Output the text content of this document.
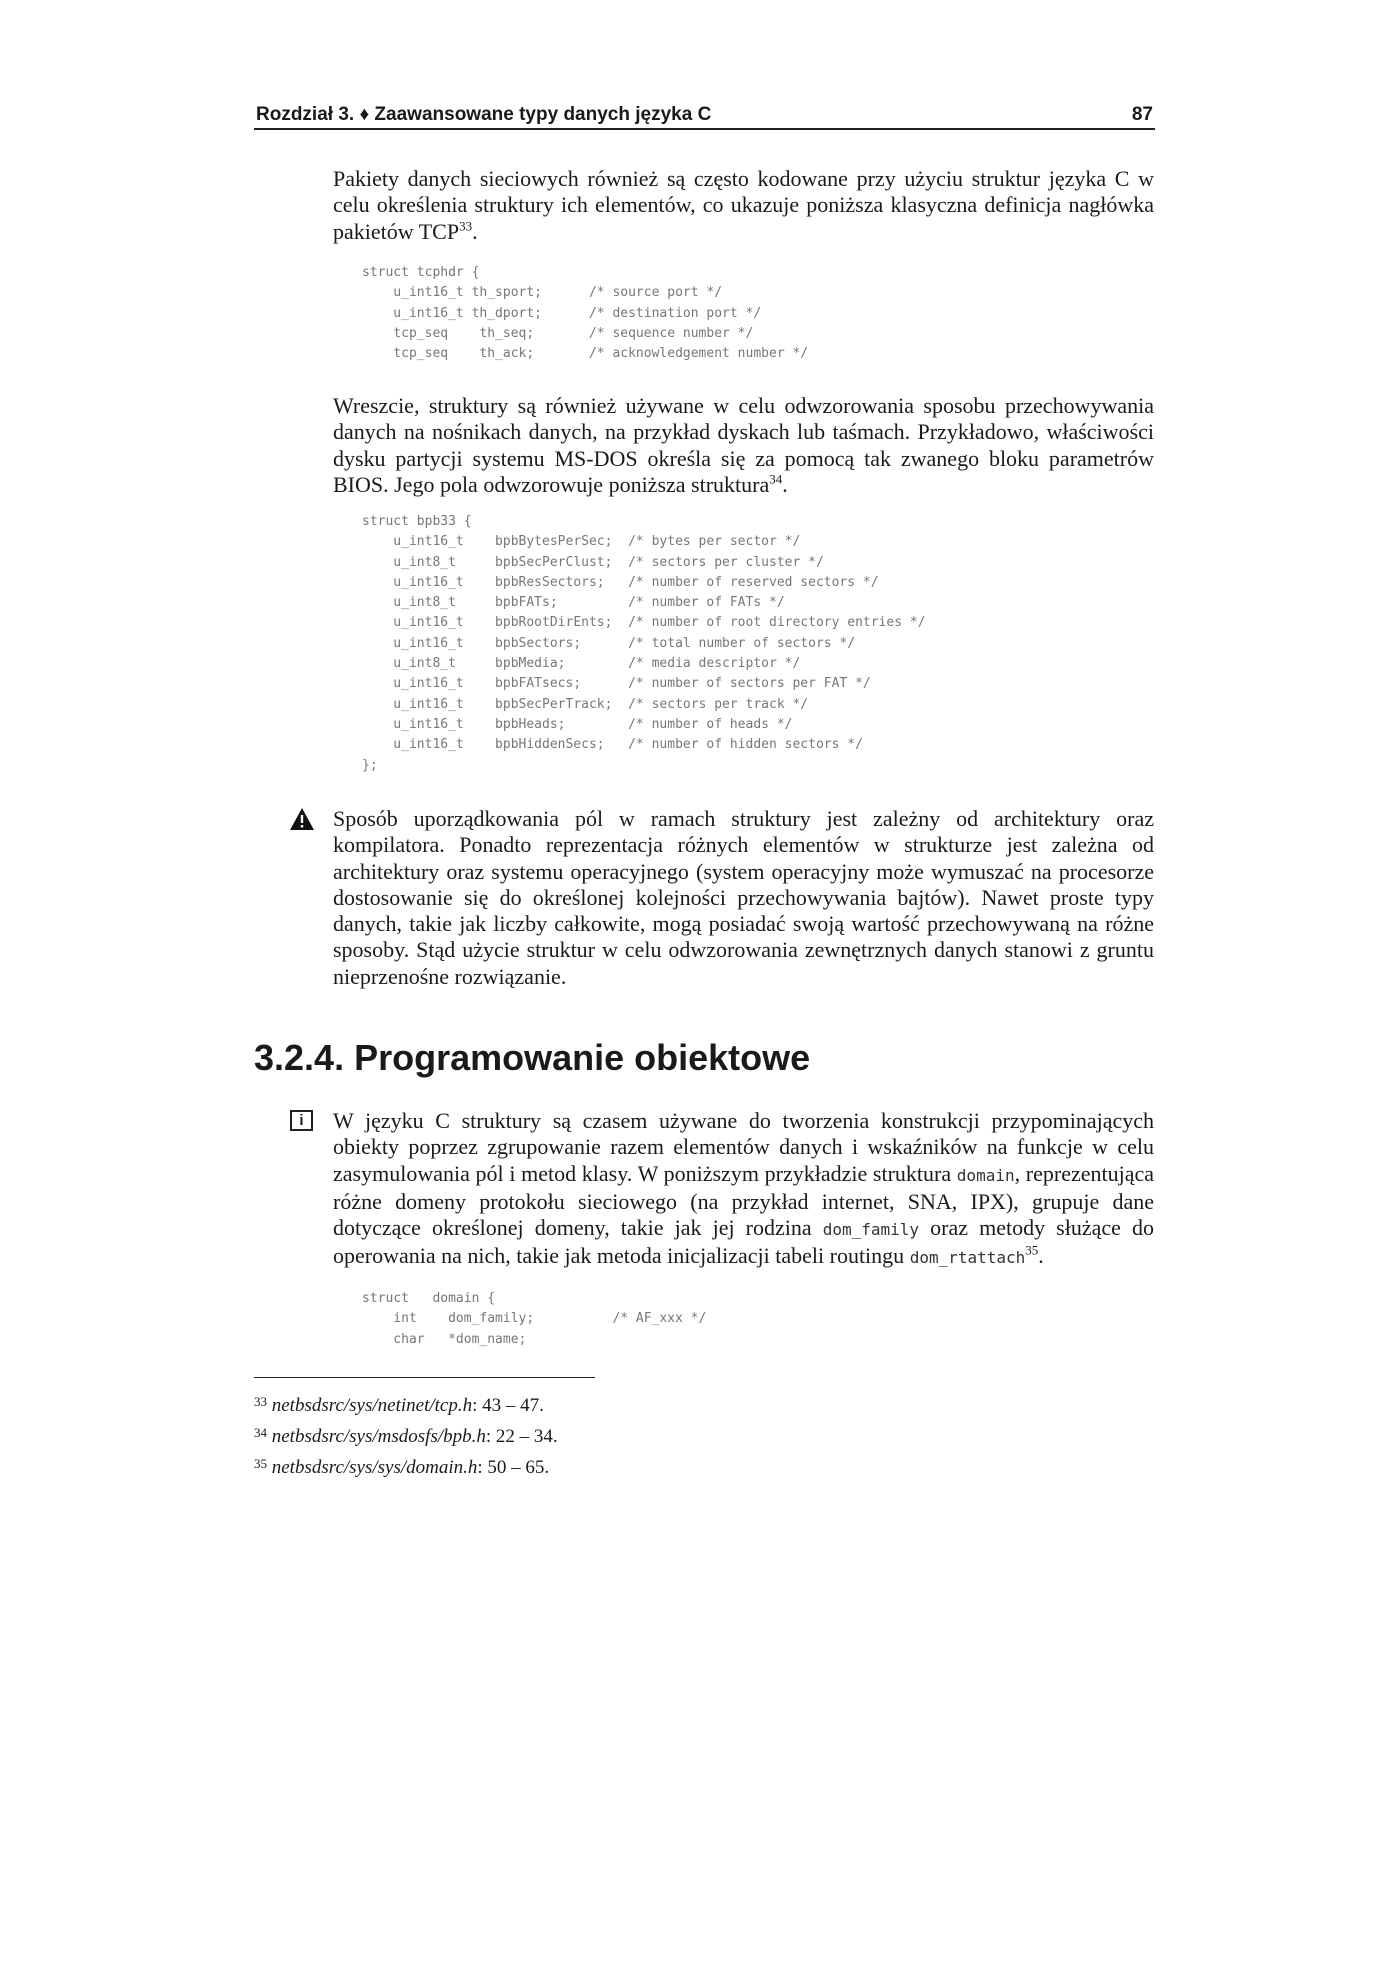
Rozdział 3. ♦ Zaawansowane typy danych języka C	87

Pakiety danych sieciowych również są często kodowane przy użyciu struktur języka C w celu określenia struktury ich elementów, co ukazuje poniższa klasyczna definicja nagłówka pakietów TCP$^{33}$.

struct tcphdr {
u_int16_t th_sport;      /* source port */
u_int16_t th_dport;      /* destination port */
tcp_seq    th_seq;       /* sequence number */
tcp_seq    th_ack;       /* acknowledgement number */

Wreszcie, struktury są również używane w celu odwzorowania sposobu przechowywania danych na nośnikach danych, na przykład dyskach lub taśmach. Przykładowo, właściwości dysku partycji systemu MS-DOS określa się za pomocą tak zwanego bloku parametrów BIOS. Jego pola odwzorowuje poniższa struktura$^{34}$.

struct bpb33 {
u_int16_t    bpbBytesPerSec;  /* bytes per sector */
u_int8_t     bpbSecPerClust;  /* sectors per cluster */
u_int16_t    bpbResSectors;   /* number of reserved sectors */
u_int8_t     bpbFATs;         /* number of FATs */
u_int16_t    bpbRootDirEnts;  /* number of root directory entries */
u_int16_t    bpbSectors;      /* total number of sectors */
u_int8_t     bpbMedia;        /* media descriptor */
u_int16_t    bpbFATsecs;      /* number of sectors per FAT */
u_int16_t    bpbSecPerTrack;  /* sectors per track */
u_int16_t    bpbHeads;        /* number of heads */
u_int16_t    bpbHiddenSecs;   /* number of hidden sectors */
};

Sposób uporządkowania pól w ramach struktury jest zależny od architektury oraz kompilatora. Ponadto reprezentacja różnych elementów w strukturze jest zależna od architektury oraz systemu operacyjnego (system operacyjny może wymuszać na procesorze dostosowanie się do określonej kolejności przechowywania bajtów). Nawet proste typy danych, takie jak liczby całkowite, mogą posiadać swoją wartość przechowywaną na różne sposoby. Stąd użycie struktur w celu odwzorowania zewnętrznych danych stanowi z gruntu nieprzenośne rozwiązanie.

3.2.4. Programowanie obiektowe
i	W języku C struktury są czasem używane do tworzenia konstrukcji przypominających obiekty poprzez zgrupowanie razem elementów danych i wskaźników na funkcje w celu zasymulowania pól i metod klasy. W poniższym przykładzie struktura domain, reprezentująca różne domeny protokołu sieciowego (na przykład internet, SNA, IPX), grupuje dane dotyczące określonej domeny, takie jak jej rodzina dom_family oraz metody służące do operowania na nich, takie jak metoda inicjalizacji tabeli routingu dom_rtattach$^{35}$.

struct   domain {
int    dom_family;          /* AF_xxx */
char   *dom_name;

$^{33}$ netbsdsrc/sys/netinet/tcp.h: 43 – 47.

$^{34}$ netbsdsrc/sys/msdosfs/bpb.h: 22 – 34.

$^{35}$ netbsdsrc/sys/sys/domain.h: 50 – 65.
